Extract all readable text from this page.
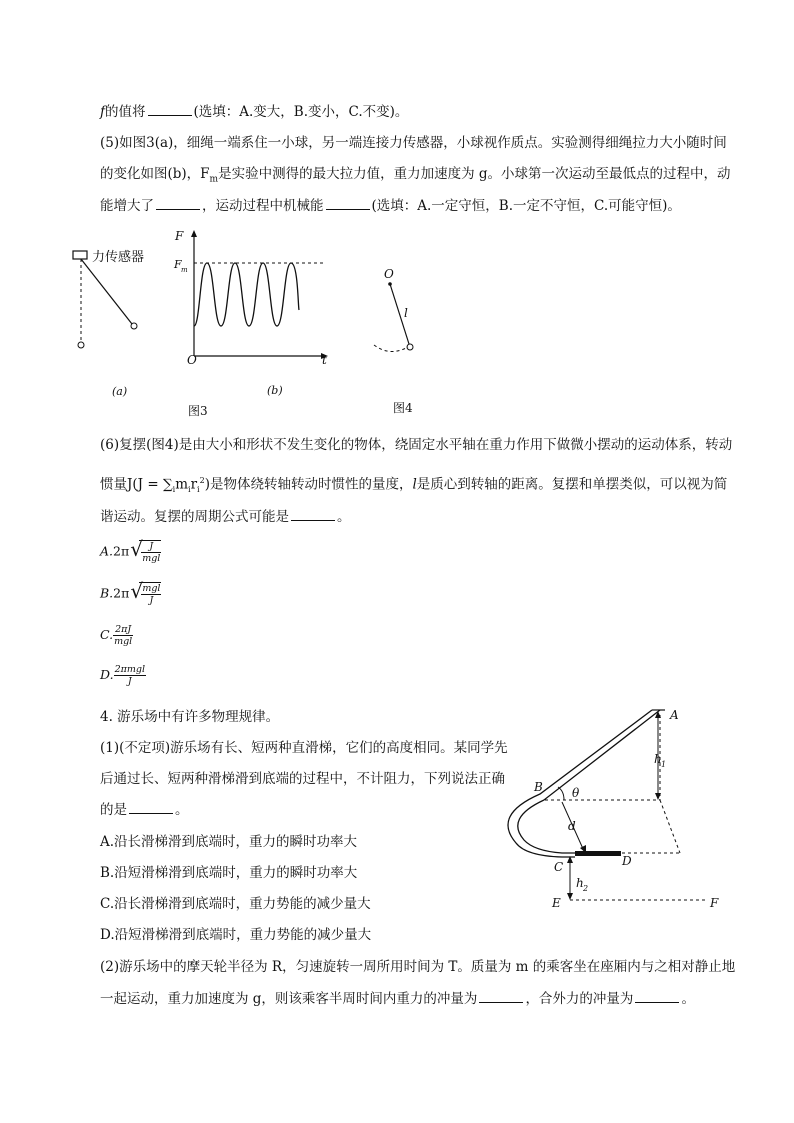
f的值将	(选填：A.变大，B.变小，C.不变)。
(5)如图3(a)，细绳一端系住一小球，另一端连接力传感器，小球视作质点。实验测得细绳拉力大小随时间
的变化如图(b)，$F_m$是实验中测得的最大拉力值，重力加速度为 g。小球第一次运动至最低点的过程中，动
能增大了	，运动过程中机械能	(选填：A.一定守恒，B.一定不守恒，C.可能守恒)。
力传感器
(a)
F
F m
O	t
(b)
图3
O
l
图4
(6)复摆(图4)是由大小和形状不发生变化的物体，绕固定水平轴在重力作用下做微小摆动的运动体系，转动
惯量$J(J = \sum_im_ir_i^2)$是物体绕转轴转动时惯性的量度，l是质心到转轴的距离。复摆和单摆类似，可以视为简
谐运动。复摆的周期公式可能是	。
A.2π √ $\frac{J}{\text{mgl}}$
B.2π √ $\frac{\text{mgl}}{J}$
C. $\frac{2\pi J}{\text{mgl}}$
D. $\frac{\text{2πmgl}}{J}$
4. 游乐场中有许多物理规律。
(1)(不定项)游乐场有长、短两种直滑梯，它们的高度相同。某同学先
后通过长、短两种滑梯滑到底端的过程中，不计阻力，下列说法正确
的是	。
A.沿长滑梯滑到底端时，重力的瞬时功率大
B.沿短滑梯滑到底端时，重力的瞬时功率大
C.沿长滑梯滑到底端时，重力势能的减少量大
D.沿短滑梯滑到底端时，重力势能的减少量大
A
h 1
B θ
d
D
C
h 2
E	F
(2)游乐场中的摩天轮半径为 R，匀速旋转一周所用时间为 T。质量为 m 的乘客坐在座厢内与之相对静止地
一起运动，重力加速度为 g，则该乘客半周时间内重力的冲量为	，合外力的冲量为	。
